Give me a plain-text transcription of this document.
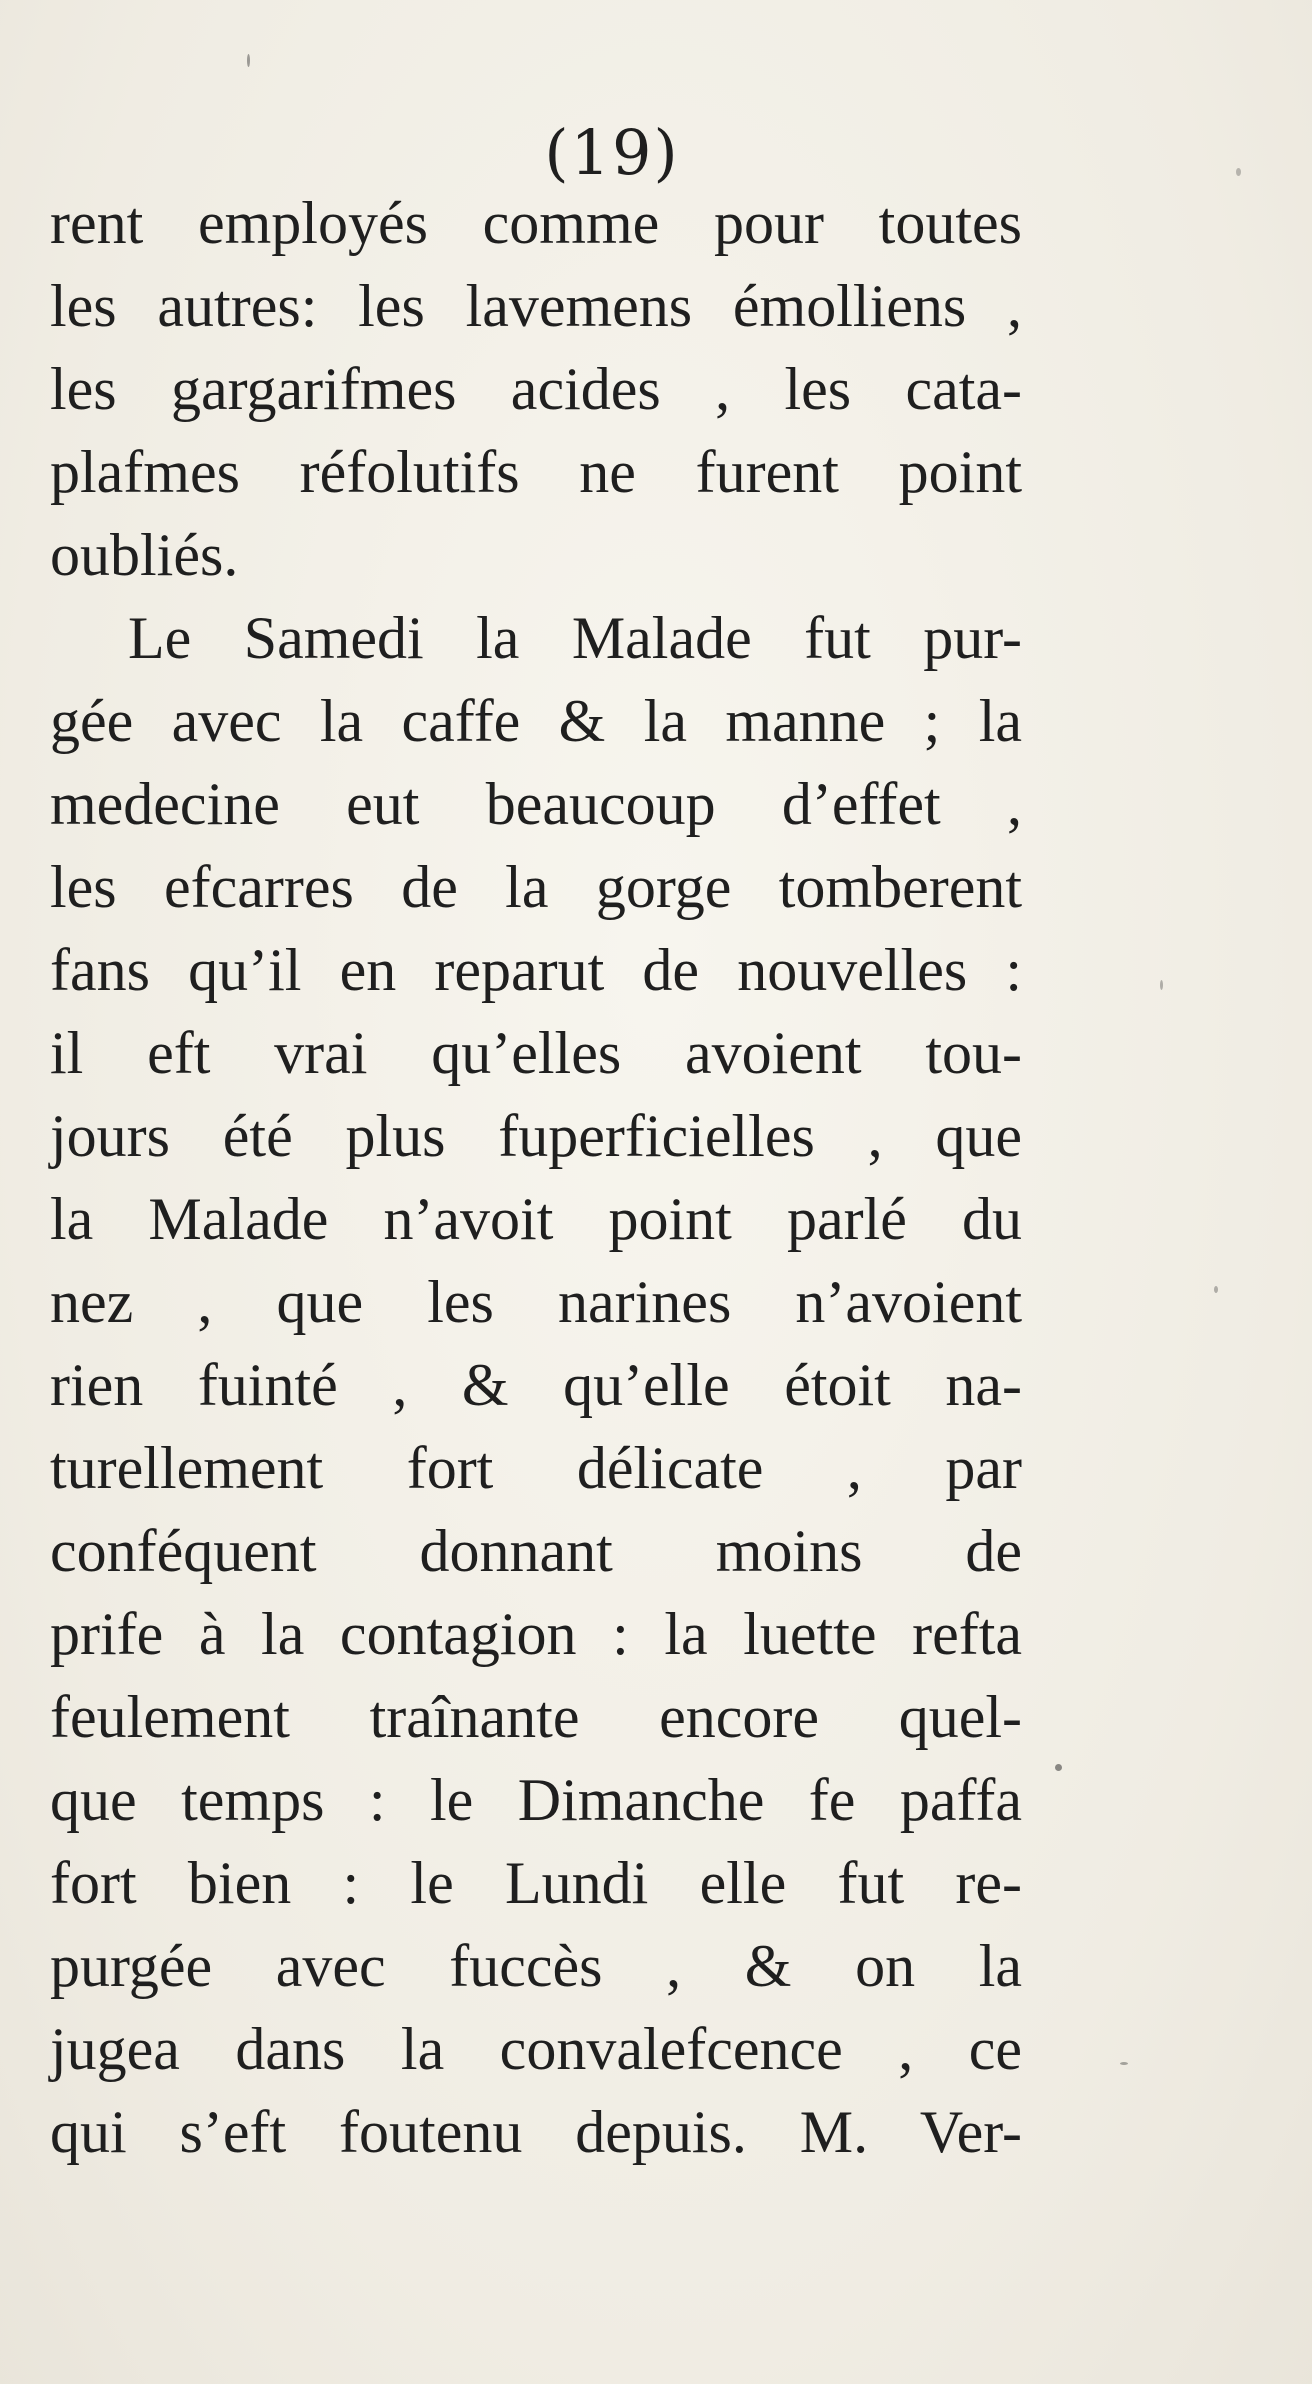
(19)
rent employés comme pour toutes
les autres: les lavemens émolliens ,
les gargarifmes acides , les cata-
plafmes réfolutifs ne furent point
oubliés.
Le Samedi la Malade fut pur-
gée avec la caffe & la manne ; la
medecine eut beaucoup d’effet ,
les efcarres de la gorge tomberent
fans qu’il en reparut de nouvelles :
il eft vrai qu’elles avoient tou-
jours été plus fuperficielles , que
la Malade n’avoit point parlé du
nez , que les narines n’avoient
rien fuinté , & qu’elle étoit na-
turellement fort délicate , par
conféquent donnant moins de
prife à la contagion : la luette refta
feulement traînante encore quel-
que temps : le Dimanche fe paffa
fort bien : le Lundi elle fut re-
purgée avec fuccès , & on la
jugea dans la convalefcence , ce
qui s’eft foutenu depuis. M. Ver-
